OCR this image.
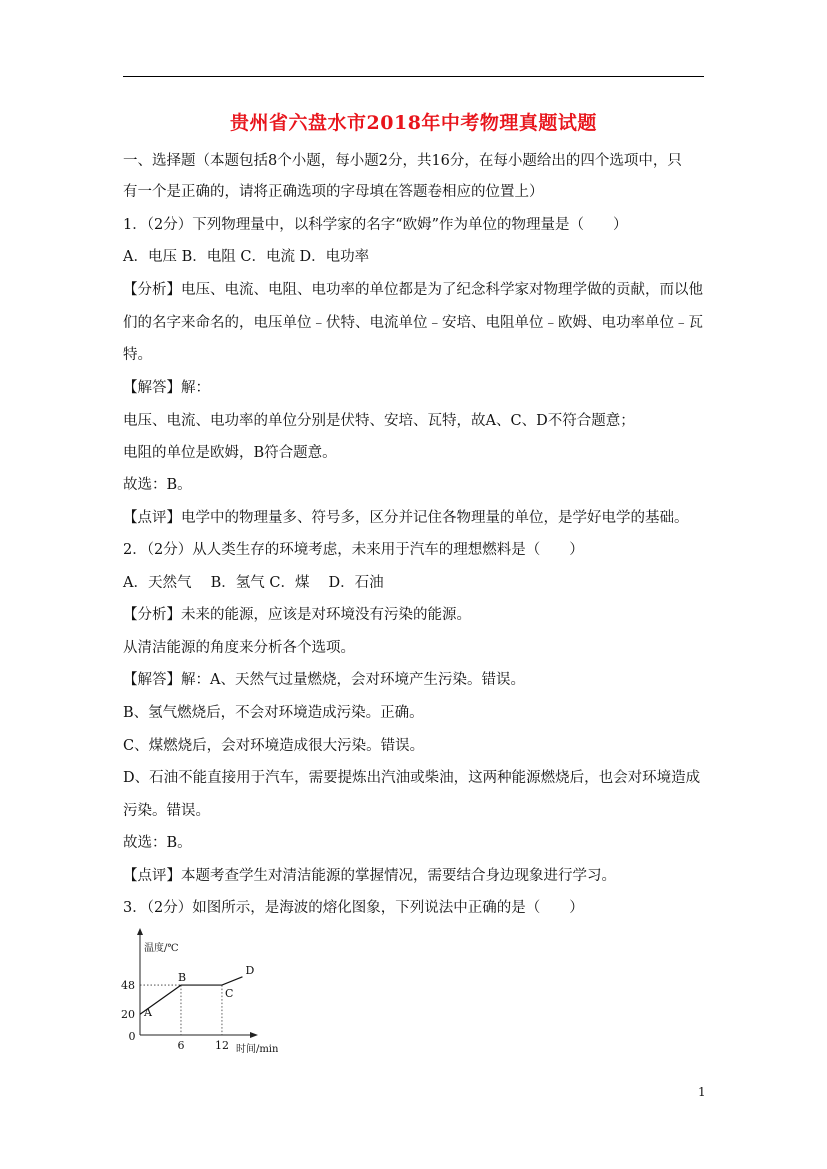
贵州省六盘水市2018年中考物理真题试题
一、选择题（本题包括8个小题，每小题2分，共16分，在每小题给出的四个选项中，只
有一个是正确的，请将正确选项的字母填在答题卷相应的位置上）
1．（2分）下列物理量中，以科学家的名字“欧姆”作为单位的物理量是（　　）
A．电压 B．电阻 C．电流 D．电功率
【分析】电压、电流、电阻、电功率的单位都是为了纪念科学家对物理学做的贡献，而以他
们的名字来命名的，电压单位﹣伏特、电流单位﹣安培、电阻单位﹣欧姆、电功率单位﹣瓦
特。
【解答】解：
电压、电流、电功率的单位分别是伏特、安培、瓦特，故A、C、D不符合题意；
电阻的单位是欧姆，B符合题意。
故选：B。
【点评】电学中的物理量多、符号多，区分并记住各物理量的单位，是学好电学的基础。
2．（2分）从人类生存的环境考虑，未来用于汽车的理想燃料是（　　）
A．天然气　 B．氢气 C．煤　 D．石油
【分析】未来的能源，应该是对环境没有污染的能源。
从清洁能源的角度来分析各个选项。
【解答】解：A、天然气过量燃烧，会对环境产生污染。错误。
B、氢气燃烧后，不会对环境造成污染。正确。
C、煤燃烧后，会对环境造成很大污染。错误。
D、石油不能直接用于汽车，需要提炼出汽油或柴油，这两种能源燃烧后，也会对环境造成
污染。错误。
故选：B。
【点评】本题考查学生对清洁能源的掌握情况，需要结合身边现象进行学习。
3．（2分）如图所示，是海波的熔化图象，下列说法中正确的是（　　）
A
B
C
D
48
20
0
6	12
温度/℃
时间/min
1
